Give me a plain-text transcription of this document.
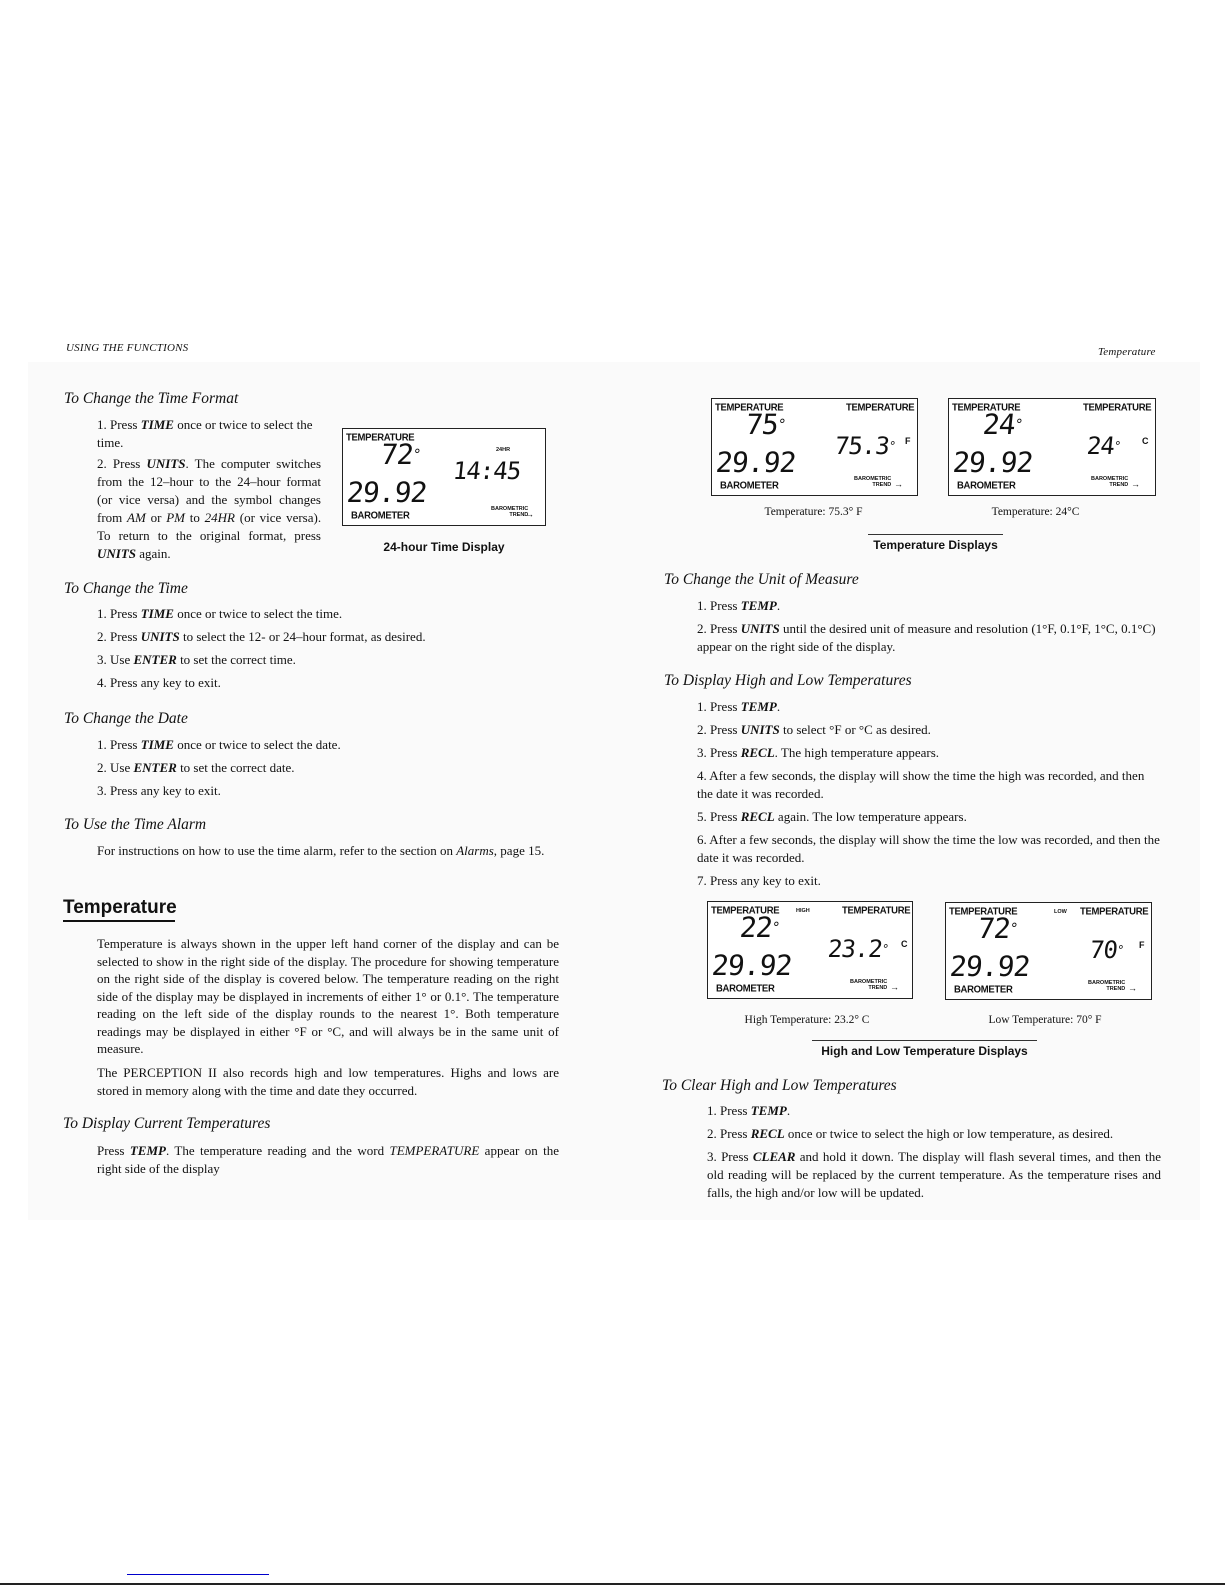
USING THE FUNCTIONS	Temperature
To Change the Time Format
1. Press TIME once or twice to select the time.
2. Press UNITS. The computer switches from the 12–hour to the 24–hour format (or vice versa) and the symbol changes from AM or PM to 24HR (or vice versa). To return to the original format, press UNITS again.
TEMPERATURE
72°
29.92
BAROMETER
24HR
14:45
BAROMETRIC
TREND
→
24-hour Time Display
To Change the Time
1. Press TIME once or twice to select the time.
2. Press UNITS to select the 12- or 24–hour format, as desired.
3. Use ENTER to set the correct time.
4. Press any key to exit.
To Change the Date
1. Press TIME once or twice to select the date.
2. Use ENTER to set the correct date.
3. Press any key to exit.
To Use the Time Alarm
For instructions on how to use the time alarm, refer to the section on Alarms, page 15.
Temperature
Temperature is always shown in the upper left hand corner of the display and can be selected to show in the right side of the display. The procedure for showing temperature on the right side of the display is covered below. The temperature reading on the right side of the display may be displayed in increments of either 1° or 0.1°. The temperature reading on the left side of the display rounds to the nearest 1°. Both temperature readings may be displayed in either °F or °C, and will always be in the same unit of measure.
The PERCEPTION II also records high and low temperatures. Highs and lows are stored in memory along with the time and date they occurred.
To Display Current Temperatures
Press TEMP. The temperature reading and the word TEMPERATURE appear on the right side of the display
TEMPERATURE	TEMPERATURE
75°
29.92
BAROMETER
75.3° F
BAROMETRIC
TREND →
Temperature: 75.3° F
TEMPERATURE	TEMPERATURE
24°
29.92
BAROMETER
24° C
BAROMETRIC
TREND →
Temperature: 24°C
Temperature Displays
To Change the Unit of Measure
1. Press TEMP.
2. Press UNITS until the desired unit of measure and resolution (1°F, 0.1°F, 1°C, 0.1°C) appear on the right side of the display.
To Display High and Low Temperatures
1. Press TEMP.
2. Press UNITS to select °F or °C as desired.
3. Press RECL. The high temperature appears.
4. After a few seconds, the display will show the time the high was recorded, and then the date it was recorded.
5. Press RECL again. The low temperature appears.
6. After a few seconds, the display will show the time the low was recorded, and then the date it was recorded.
7. Press any key to exit.
TEMPERATURE	HIGH	TEMPERATURE
22°
29.92
BAROMETER
23.2° C
BAROMETRIC
TREND →
High Temperature: 23.2° C
TEMPERATURE	LOW TEMPERATURE
72°
29.92
BAROMETER
70° F
BAROMETRIC
TREND →
Low Temperature: 70° F
High and Low Temperature Displays
To Clear High and Low Temperatures
1. Press TEMP.
2. Press RECL once or twice to select the high or low temperature, as desired.
3. Press CLEAR and hold it down. The display will flash several times, and then the old reading will be replaced by the current temperature. As the temperature rises and falls, the high and/or low will be updated.
